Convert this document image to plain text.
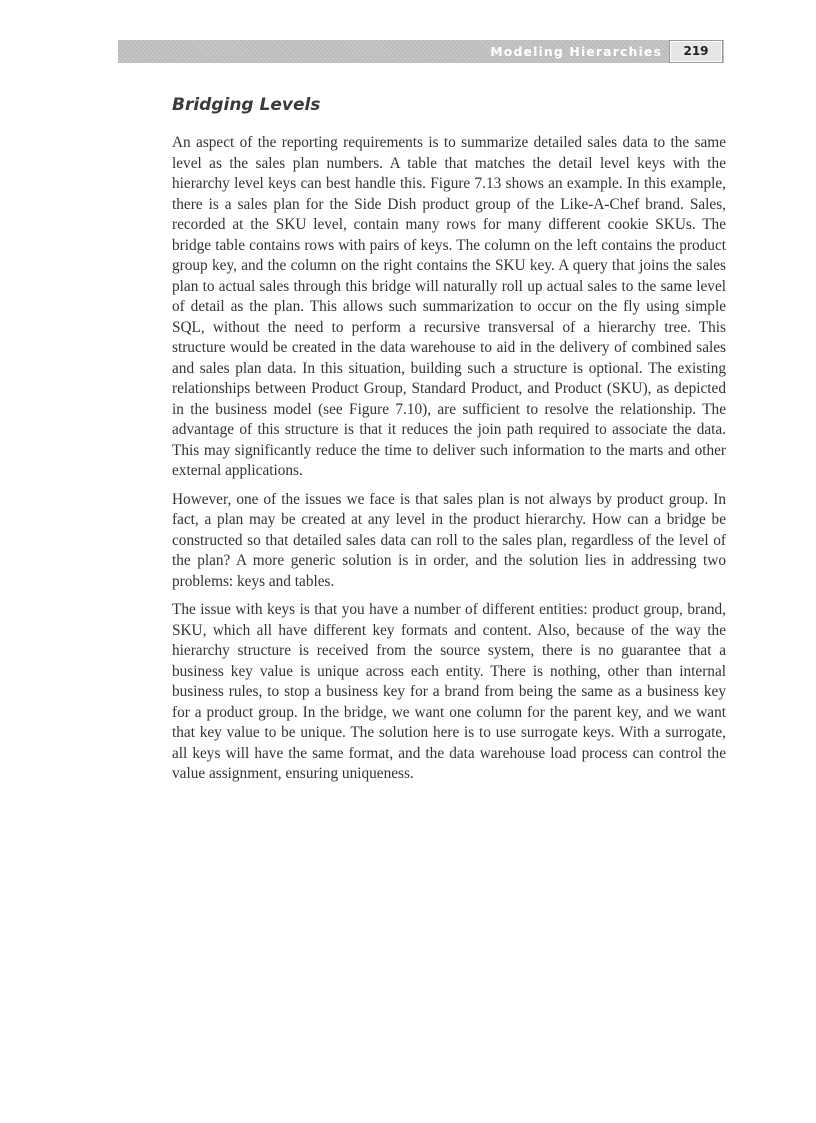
Modeling Hierarchies	219
Bridging Levels

An aspect of the reporting requirements is to summarize detailed sales data to the same level as the sales plan numbers. A table that matches the detail level keys with the hierarchy level keys can best handle this. Figure 7.13 shows an example. In this example, there is a sales plan for the Side Dish product group of the Like-A-Chef brand. Sales, recorded at the SKU level, contain many rows for many different cookie SKUs. The bridge table contains rows with pairs of keys. The column on the left contains the product group key, and the column on the right contains the SKU key. A query that joins the sales plan to actual sales through this bridge will naturally roll up actual sales to the same level of detail as the plan. This allows such summarization to occur on the fly using simple SQL, without the need to perform a recursive transversal of a hierarchy tree. This structure would be created in the data warehouse to aid in the delivery of combined sales and sales plan data. In this situation, building such a structure is optional. The existing relationships between Product Group, Standard Product, and Product (SKU), as depicted in the business model (see Figure 7.10), are sufficient to resolve the relationship. The advantage of this structure is that it reduces the join path required to associate the data. This may significantly reduce the time to deliver such information to the marts and other external applications.

However, one of the issues we face is that sales plan is not always by product group. In fact, a plan may be created at any level in the product hierarchy. How can a bridge be constructed so that detailed sales data can roll to the sales plan, regardless of the level of the plan? A more generic solution is in order, and the solution lies in addressing two problems: keys and tables.

The issue with keys is that you have a number of different entities: product group, brand, SKU, which all have different key formats and content. Also, because of the way the hierarchy structure is received from the source system, there is no guarantee that a business key value is unique across each entity. There is nothing, other than internal business rules, to stop a business key for a brand from being the same as a business key for a product group. In the bridge, we want one column for the parent key, and we want that key value to be unique. The solution here is to use surrogate keys. With a surrogate, all keys will have the same format, and the data warehouse load process can control the value assignment, ensuring uniqueness.
